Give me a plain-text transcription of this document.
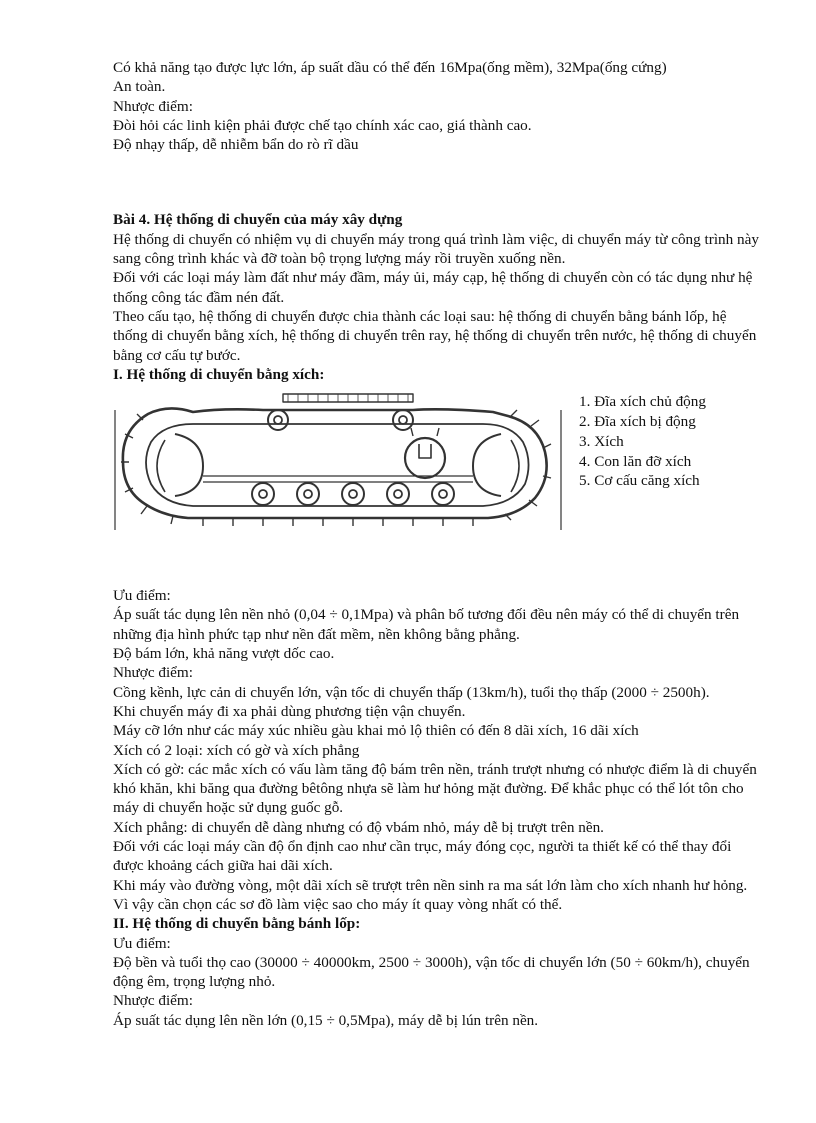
Có khả năng tạo được lực lớn, áp suất dầu có thể đến 16Mpa(ống mềm), 32Mpa(ống cứng)

An toàn.

Nhược điểm:

Đòi hỏi các linh kiện phải được chế tạo chính xác cao, giá thành cao.

Độ nhạy thấp, dễ nhiễm bẩn do rò rĩ dầu

Bài 4. Hệ thống di chuyển của máy xây dựng

Hệ thống di chuyển có nhiệm vụ di chuyển máy trong quá trình làm việc, di chuyển máy từ công trình này sang công trình khác và đỡ toàn bộ trọng lượng máy rồi truyền xuống nền.

Đối với các loại máy làm đất như máy đầm, máy ủi, máy cạp, hệ thống di chuyển còn có tác dụng như hệ thống công tác đầm nén đất.

Theo cấu tạo, hệ thống di chuyển được chia thành các loại sau: hệ thống di chuyển bằng bánh lốp, hệ thống di chuyển bằng xích, hệ thống di chuyển trên ray, hệ thống di chuyển trên nước, hệ thống di chuyển bằng cơ cấu tự bước.

I. Hệ thống di chuyển bằng xích:

1. Đĩa xích chủ động
2. Đĩa xích bị động
3. Xích
4. Con lăn đỡ xích
5. Cơ cấu căng xích

Ưu điểm:

Áp suất tác dụng lên nền nhỏ (0,04 ÷ 0,1Mpa) và phân bố tương đối đều nên máy có thể di chuyển trên những địa hình phức tạp như nền đất mềm, nền không bằng phẳng.

Độ bám lớn, khả năng vượt dốc cao.

Nhược điểm:

Cồng kềnh, lực cản di chuyển lớn, vận tốc di chuyển thấp (13km/h), tuổi thọ thấp (2000 ÷ 2500h).

Khi chuyển máy đi xa phải dùng phương tiện vận chuyển.

Máy cỡ lớn như các máy xúc nhiều gàu khai mỏ lộ thiên có đến 8 dãi xích, 16 dãi xích

Xích có 2 loại: xích có gờ và xích phẳng

Xích có gờ: các mắc xích có vấu làm tăng độ bám trên nền, tránh trượt nhưng có nhược điểm là di chuyển khó khăn, khi băng qua đường bêtông nhựa sẽ làm hư hỏng mặt đường. Để khắc phục có thể lót tôn cho máy di chuyển hoặc sử dụng guốc gỗ.

Xích phẳng: di chuyển dễ dàng nhưng có độ vbám nhỏ, máy dễ bị trượt trên nền.

Đối với các loại máy cần độ ổn định cao như cần trục, máy đóng cọc, người ta thiết kế có thể thay đổi được khoảng cách giữa hai dãi xích.

Khi máy vào đường vòng, một dãi xích sẽ trượt trên nền sinh ra ma sát lớn làm cho xích nhanh hư hỏng. Vì vậy cần chọn các sơ đồ làm việc sao cho máy ít quay vòng nhất có thể.

II. Hệ thống di chuyển bằng bánh lốp:

Ưu điểm:

Độ bền và tuổi thọ cao (30000 ÷ 40000km, 2500 ÷ 3000h), vận tốc di chuyển lớn (50 ÷ 60km/h), chuyển động êm, trọng lượng nhỏ.

Nhược điểm:

Áp suất tác dụng lên nền lớn (0,15 ÷ 0,5Mpa), máy dễ bị lún trên nền.
